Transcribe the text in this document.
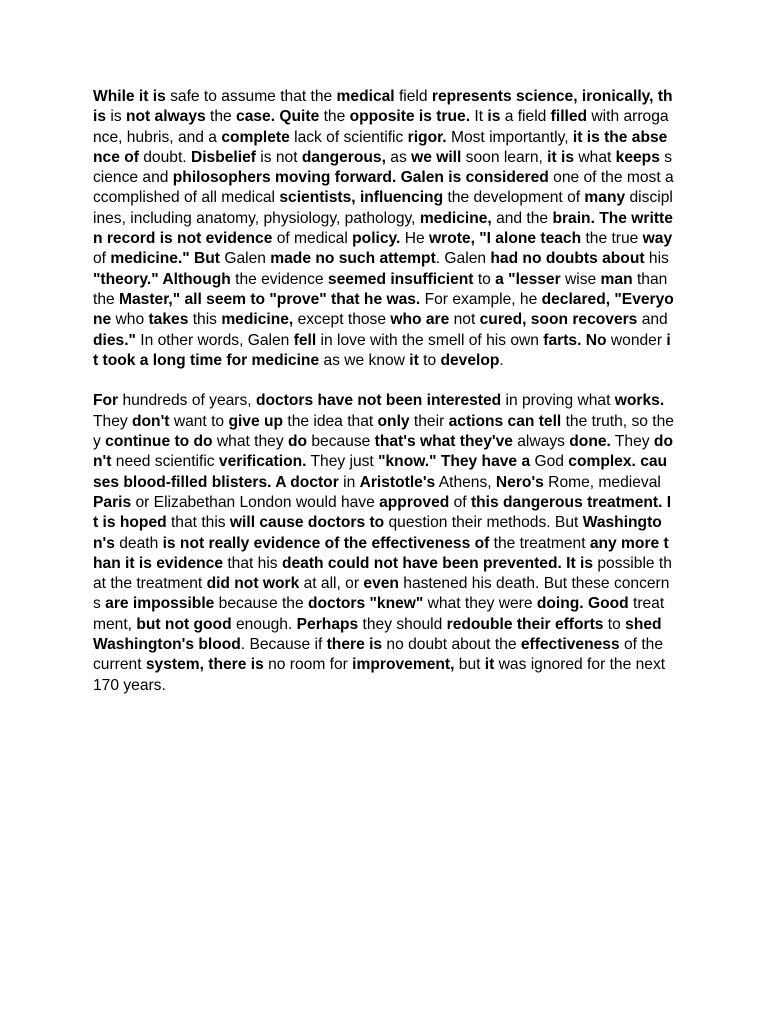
While it is safe to assume that the medical field represents science, ironically, this is not always the case. Quite the opposite is true. It is a field filled with arrogance, hubris, and a complete lack of scientific rigor. Most importantly, it is the absence of doubt. Disbelief is not dangerous, as we will soon learn, it is what keeps science and philosophers moving forward. Galen is considered one of the most accomplished of all medical scientists, influencing the development of many disciplines, including anatomy, physiology, pathology, medicine, and the brain. The written record is not evidence of medical policy. He wrote, "I alone teach the true way of medicine." But Galen made no such attempt. Galen had no doubts about his "theory." Although the evidence seemed insufficient to a "lesser wise man than the Master," all seem to "prove" that he was. For example, he declared, "Everyone who takes this medicine, except those who are not cured, soon recovers and dies." In other words, Galen fell in love with the smell of his own farts. No wonder it took a long time for medicine as we know it to develop.

For hundreds of years, doctors have not been interested in proving what works. They don't want to give up the idea that only their actions can tell the truth, so they continue to do what they do because that's what they've always done. They don't need scientific verification. They just "know." They have a God complex. causes blood-filled blisters. A doctor in Aristotle's Athens, Nero's Rome, medieval Paris or Elizabethan London would have approved of this dangerous treatment. It is hoped that this will cause doctors to question their methods. But Washington's death is not really evidence of the effectiveness of the treatment any more than it is evidence that his death could not have been prevented. It is possible that the treatment did not work at all, or even hastened his death. But these concerns are impossible because the doctors "knew" what they were doing. Good treatment, but not good enough. Perhaps they should redouble their efforts to shed Washington's blood. Because if there is no doubt about the effectiveness of the current system, there is no room for improvement, but it was ignored for the next 170 years.
